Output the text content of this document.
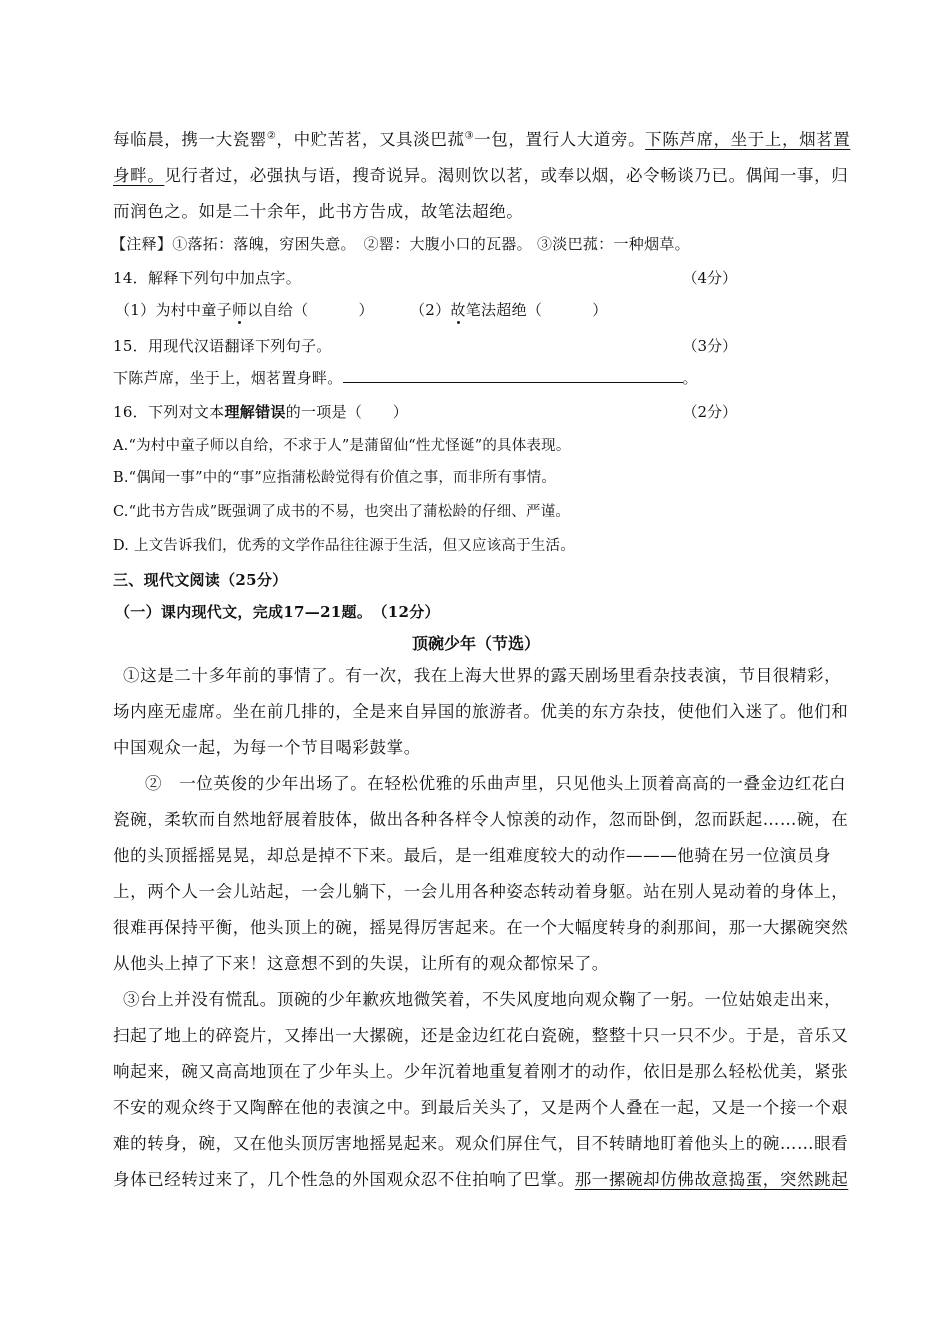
每临晨，携一大瓷罂②，中贮苦茗，又具淡巴菰③一包，置行人大道旁。下陈芦席，坐于上，烟茗置
身畔。见行者过，必强执与语，搜奇说异。渴则饮以茗，或奉以烟，必令畅谈乃已。偶闻一事，归
而润色之。如是二十余年，此书方告成，故笔法超绝。
【注释】①落拓：落魄，穷困失意。　②罂：大腹小口的瓦器。 ③淡巴菰：一种烟草。
14．解释下列句中加点字。	（4分）
（1）为村中童子师以自给（	） （2）故笔法超绝（	）
15．用现代汉语翻译下列句子。	（3分）
下陈芦席，坐于上，烟茗置身畔。	。
16．下列对文本理解错误的一项是（　　）	（2分）
A.“为村中童子师以自给，不求于人”是蒲留仙“性尤怪诞”的具体表现。
B.“偶闻一事”中的“事”应指蒲松龄觉得有价值之事，而非所有事情。
C.“此书方告成”既强调了成书的不易，也突出了蒲松龄的仔细、严谨。
D. 上文告诉我们，优秀的文学作品往往源于生活，但又应该高于生活。
三、现代文阅读（25分）
（一）课内现代文，完成17—21题。　（12分）
顶碗少年（节选）
①这是二十多年前的事情了。有一次，我在上海大世界的露天剧场里看杂技表演，节目很精彩，
场内座无虚席。坐在前几排的，全是来自异国的旅游者。优美的东方杂技，使他们入迷了。他们和
中国观众一起，为每一个节目喝彩鼓掌。
②　一位英俊的少年出场了。在轻松优雅的乐曲声里，只见他头上顶着高高的一叠金边红花白
瓷碗，柔软而自然地舒展着肢体，做出各种各样令人惊羡的动作，忽而卧倒，忽而跃起……碗，在
他的头顶摇摇晃晃，却总是掉不下来。最后，是一组难度较大的动作———他骑在另一位演员身
上，两个人一会儿站起，一会儿躺下，一会儿用各种姿态转动着身躯。站在别人晃动着的身体上，
很难再保持平衡，他头顶上的碗，摇晃得厉害起来。在一个大幅度转身的刹那间，那一大摞碗突然
从他头上掉了下来！这意想不到的失误，让所有的观众都惊呆了。
③台上并没有慌乱。顶碗的少年歉疚地微笑着，不失风度地向观众鞠了一躬。一位姑娘走出来，
扫起了地上的碎瓷片，又捧出一大摞碗，还是金边红花白瓷碗，整整十只一只不少。于是，音乐又
响起来，碗又高高地顶在了少年头上。少年沉着地重复着刚才的动作，依旧是那么轻松优美，紧张
不安的观众终于又陶醉在他的表演之中。到最后关头了，又是两个人叠在一起，又是一个接一个艰
难的转身，碗，又在他头顶厉害地摇晃起来。观众们屏住气，目不转睛地盯着他头上的碗……眼看
身体已经转过来了，几个性急的外国观众忍不住拍响了巴掌。那一摞碗却仿佛故意捣蛋，突然跳起
